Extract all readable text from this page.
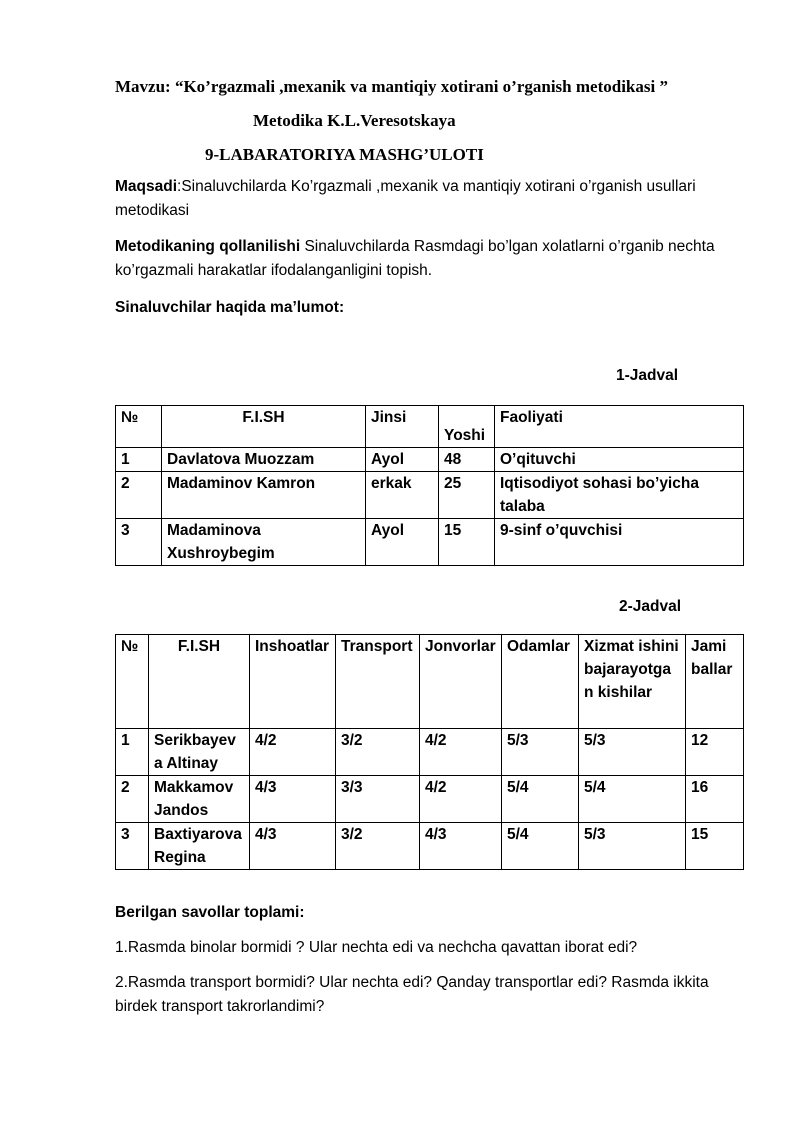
Mavzu: “Ko’rgazmali ,mexanik va mantiqiy xotirani o’rganish metodikasi ”
Metodika K.L.Veresotskaya
9-LABARATORIYA MASHG’ULOTI
Maqsadi:Sinaluvchilarda Ko’rgazmali ,mexanik va mantiqiy xotirani o’rganish usullari metodikasi
Metodikaning qollanilishi Sinaluvchilarda Rasmdagi bo’lgan xolatlarni o’rganib nechta ko’rgazmali harakatlar ifodalanganligini topish.
Sinaluvchilar haqida ma’lumot:
1-Jadval
№	F.I.SH	Jinsi	Yoshi	Faoliyati
1	Davlatova Muozzam	Ayol	48	O’qituvchi
2	Madaminov Kamron	erkak	25	Iqtisodiyot sohasi bo’yicha talaba
3	Madaminova Xushroybegim	Ayol	15	9-sinf o’quvchisi
2-Jadval
№	F.I.SH	Inshoatlar	Transport	Jonvorlar	Odamlar	Xizmat ishini bajarayotgan kishilar	Jami ballar
1	Serikbayeva Altinay	4/2	3/2	4/2	5/3	5/3	12
2	Makkamov Jandos	4/3	3/3	4/2	5/4	5/4	16
3	Baxtiyarova Regina	4/3	3/2	4/3	5/4	5/3	15
Berilgan savollar toplami:
1.Rasmda binolar bormidi ? Ular nechta edi va nechcha qavattan iborat edi?
2.Rasmda transport bormidi? Ular nechta edi? Qanday transportlar edi? Rasmda ikkita birdek transport takrorlandimi?
